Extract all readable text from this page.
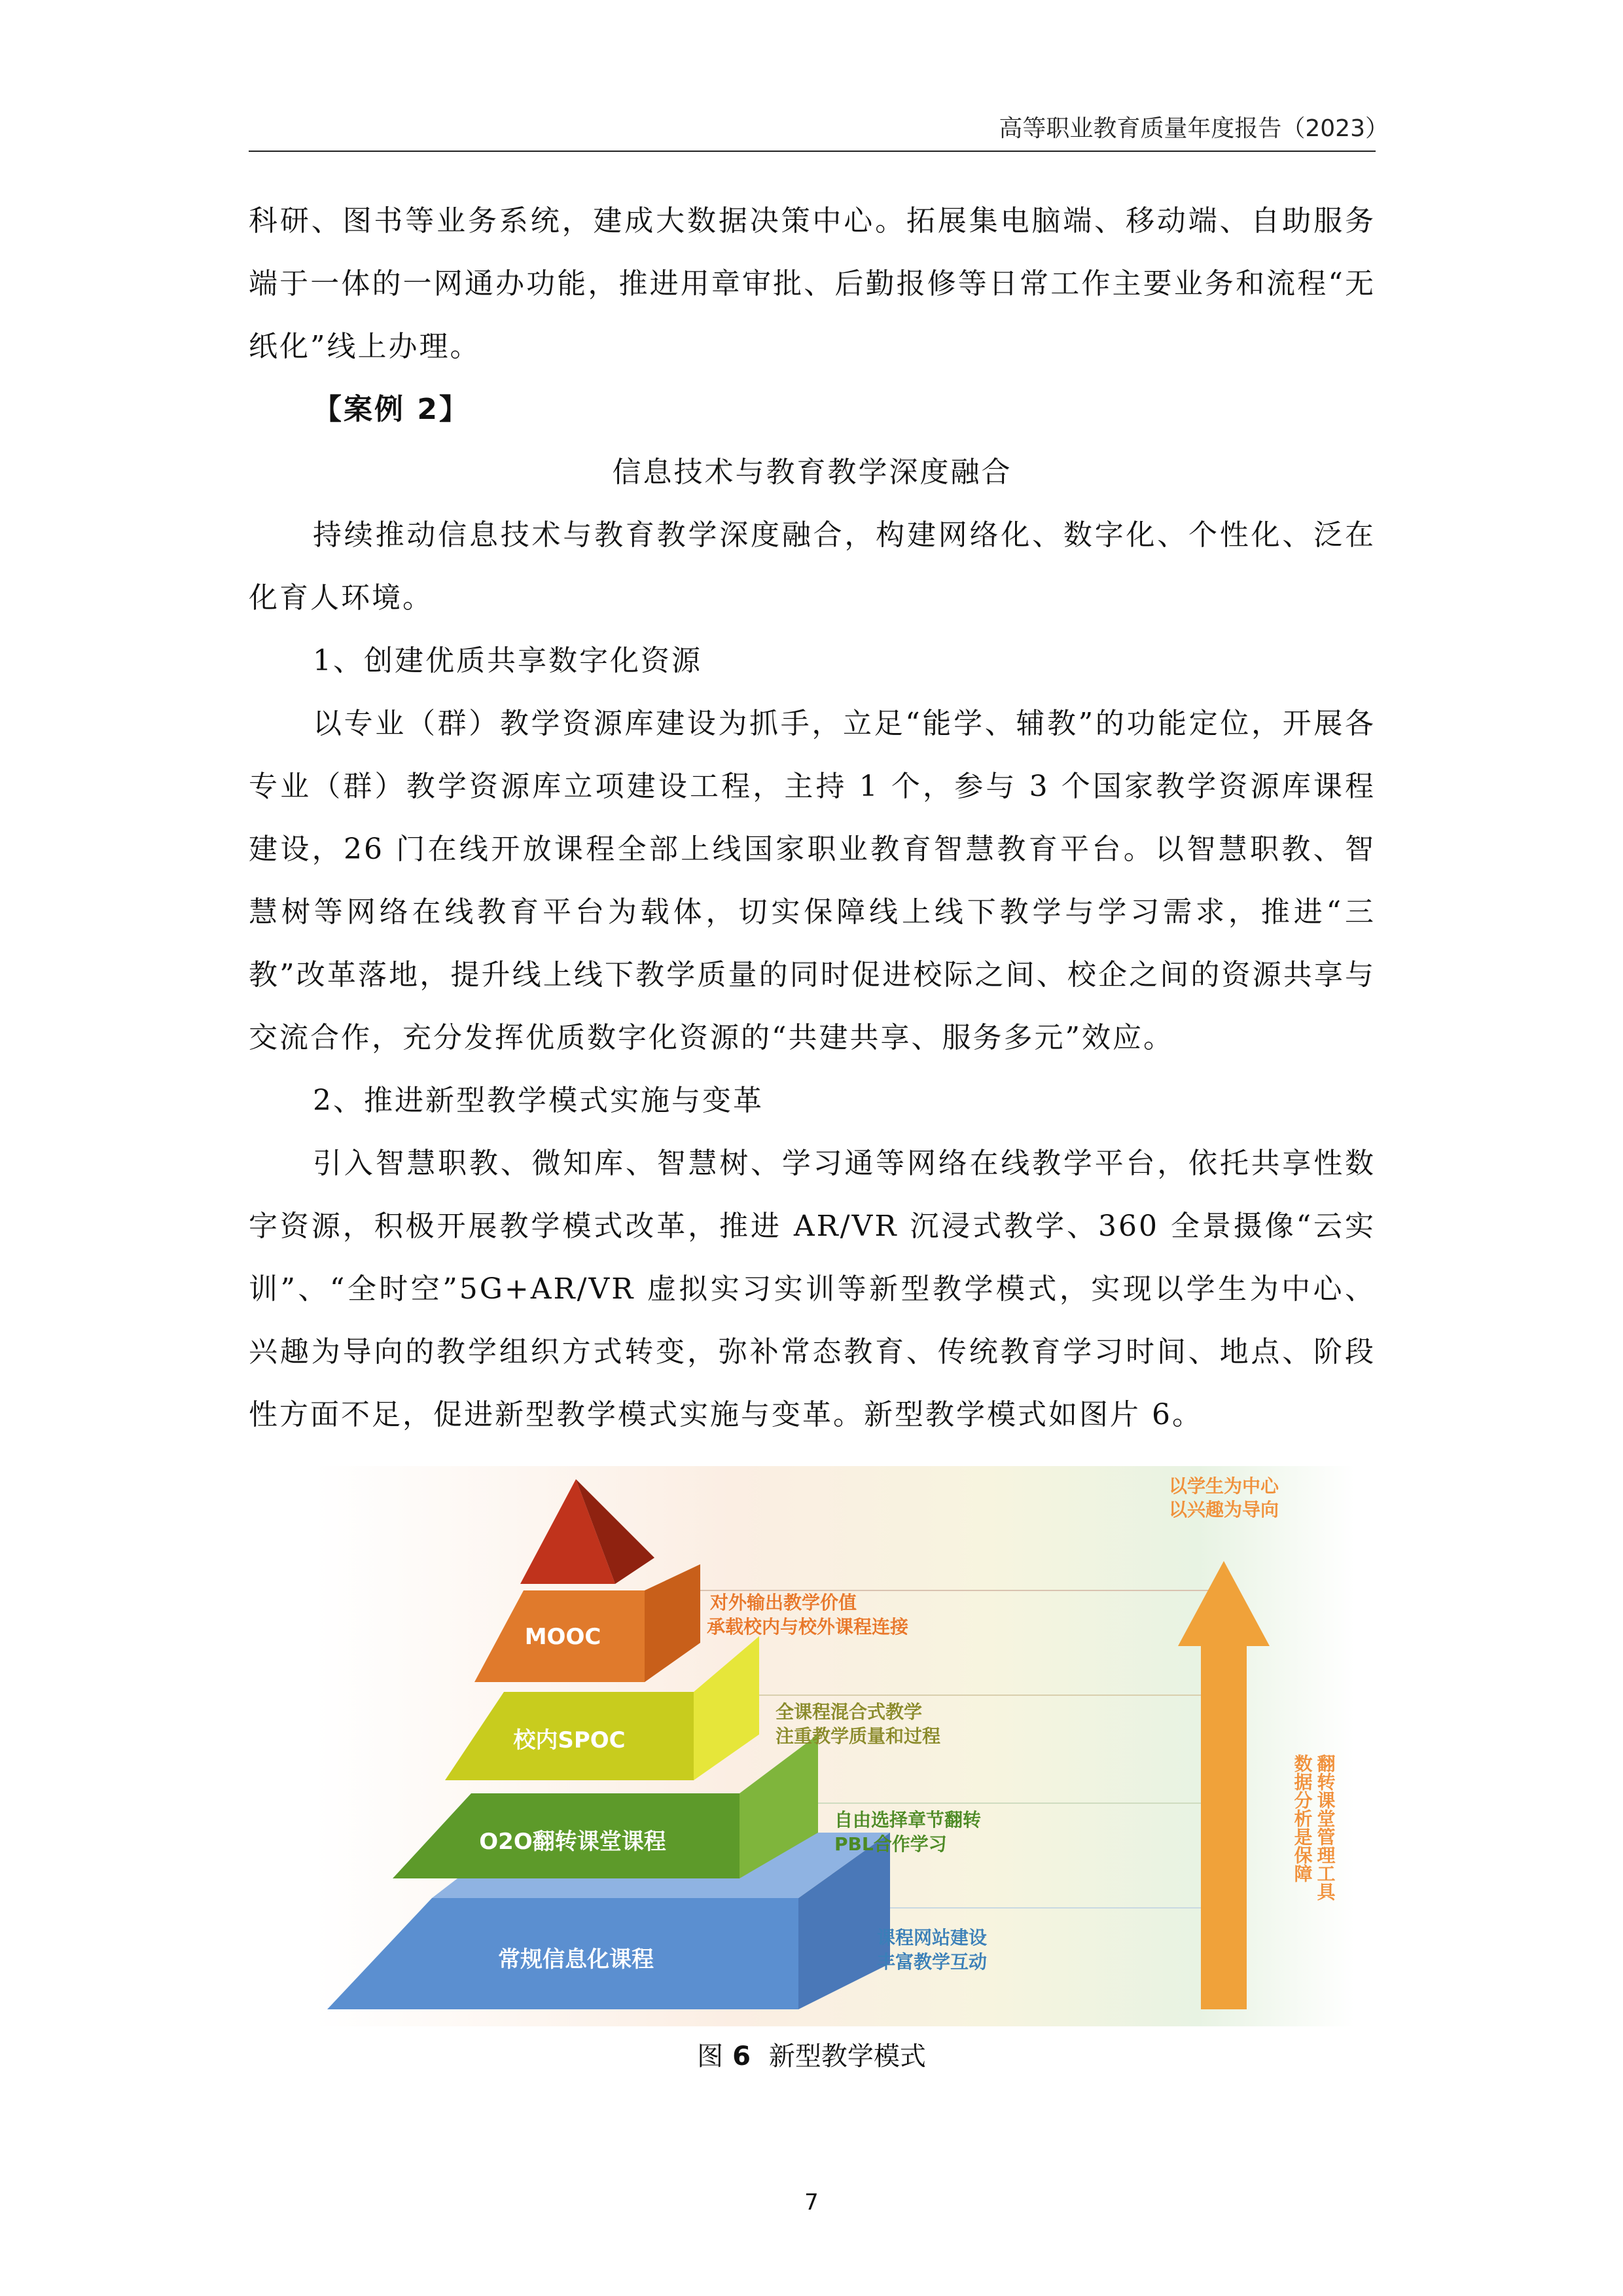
高等职业教育质量年度报告（2023）

科研、图书等业务系统，建成大数据决策中心。拓展集电脑端、移动端、自助服务端于一体的一网通办功能，推进用章审批、后勤报修等日常工作主要业务和流程“无纸化”线上办理。

【案例 2】

信息技术与教育教学深度融合

持续推动信息技术与教育教学深度融合，构建网络化、数字化、个性化、泛在化育人环境。

1、创建优质共享数字化资源

以专业（群）教学资源库建设为抓手，立足“能学、辅教”的功能定位，开展各专业（群）教学资源库立项建设工程，主持 1 个，参与 3 个国家教学资源库课程建设，26 门在线开放课程全部上线国家职业教育智慧教育平台。以智慧职教、智慧树等网络在线教育平台为载体，切实保障线上线下教学与学习需求，推进“三教”改革落地，提升线上线下教学质量的同时促进校际之间、校企之间的资源共享与交流合作，充分发挥优质数字化资源的“共建共享、服务多元”效应。

2、推进新型教学模式实施与变革

引入智慧职教、微知库、智慧树、学习通等网络在线教学平台，依托共享性数字资源，积极开展教学模式改革，推进 AR/VR 沉浸式教学、360 全景摄像“云实训”、“全时空”5G+AR/VR 虚拟实习实训等新型教学模式，实现以学生为中心、兴趣为导向的教学组织方式转变，弥补常态教育、传统教育学习时间、地点、阶段性方面不足，促进新型教学模式实施与变革。新型教学模式如图片 6。

MOOC
校内SPOC
O2O翻转课堂课程
常规信息化课程
对外输出教学价值
承载校内与校外课程连接
全课程混合式教学
注重教学质量和过程
自由选择章节翻转
PBL合作学习
课程网站建设
丰富教学互动
以学生为中心
以兴趣为导向
翻转课堂管理工具
数据分析是保障
图 6 新型教学模式
7
